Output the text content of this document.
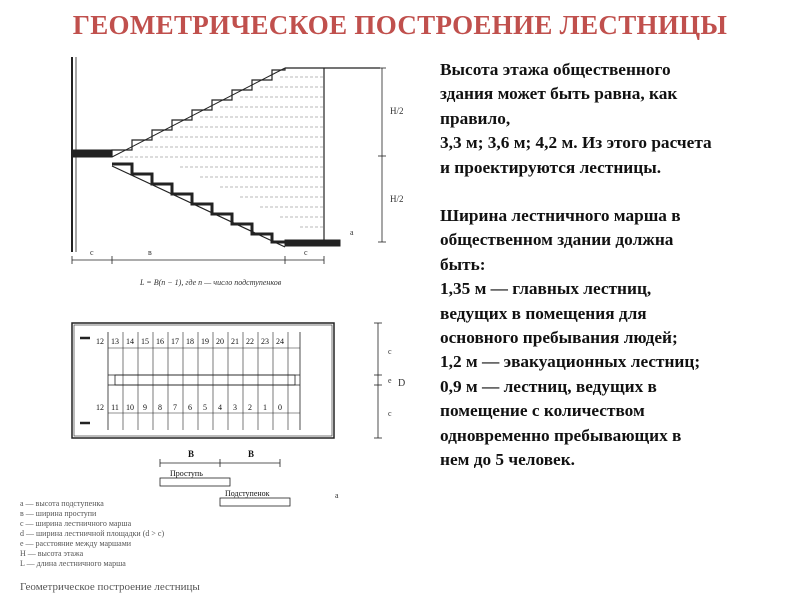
ГЕОМЕТРИЧЕСКОЕ ПОСТРОЕНИЕ ЛЕСТНИЦЫ
c	в	c
H/2
H/2
а
L = B(n − 1), где n — число подступенков
12 13 14 15 16 17 18 19 20 21 22 23 24
12 11 10 9 8 7 6 5 4 3 2 1 0
c
e
c
D
B	B
Проступь
Подступенок	a
а — высота подступенка
в — ширина проступи
с — ширина лестничного марша
d — ширина лестничной площадки (d > c)
е — расстояние между маршами
H — высота этажа
L — длина лестничного марша
Геометрическое построение лестницы
Высота этажа общественного
здания может быть равна, как
правило,
3,3 м; 3,6 м; 4,2 м. Из этого расчета
и проектируются лестницы.
Ширина лестничного марша в
общественном здании должна
быть:
1,35 м — главных лестниц,
ведущих в помещения для
основного пребывания людей;
1,2 м — эвакуационных лестниц;
0,9 м — лестниц, ведущих в
помещение с количеством
одновременно пребывающих в
нем до 5 человек.
